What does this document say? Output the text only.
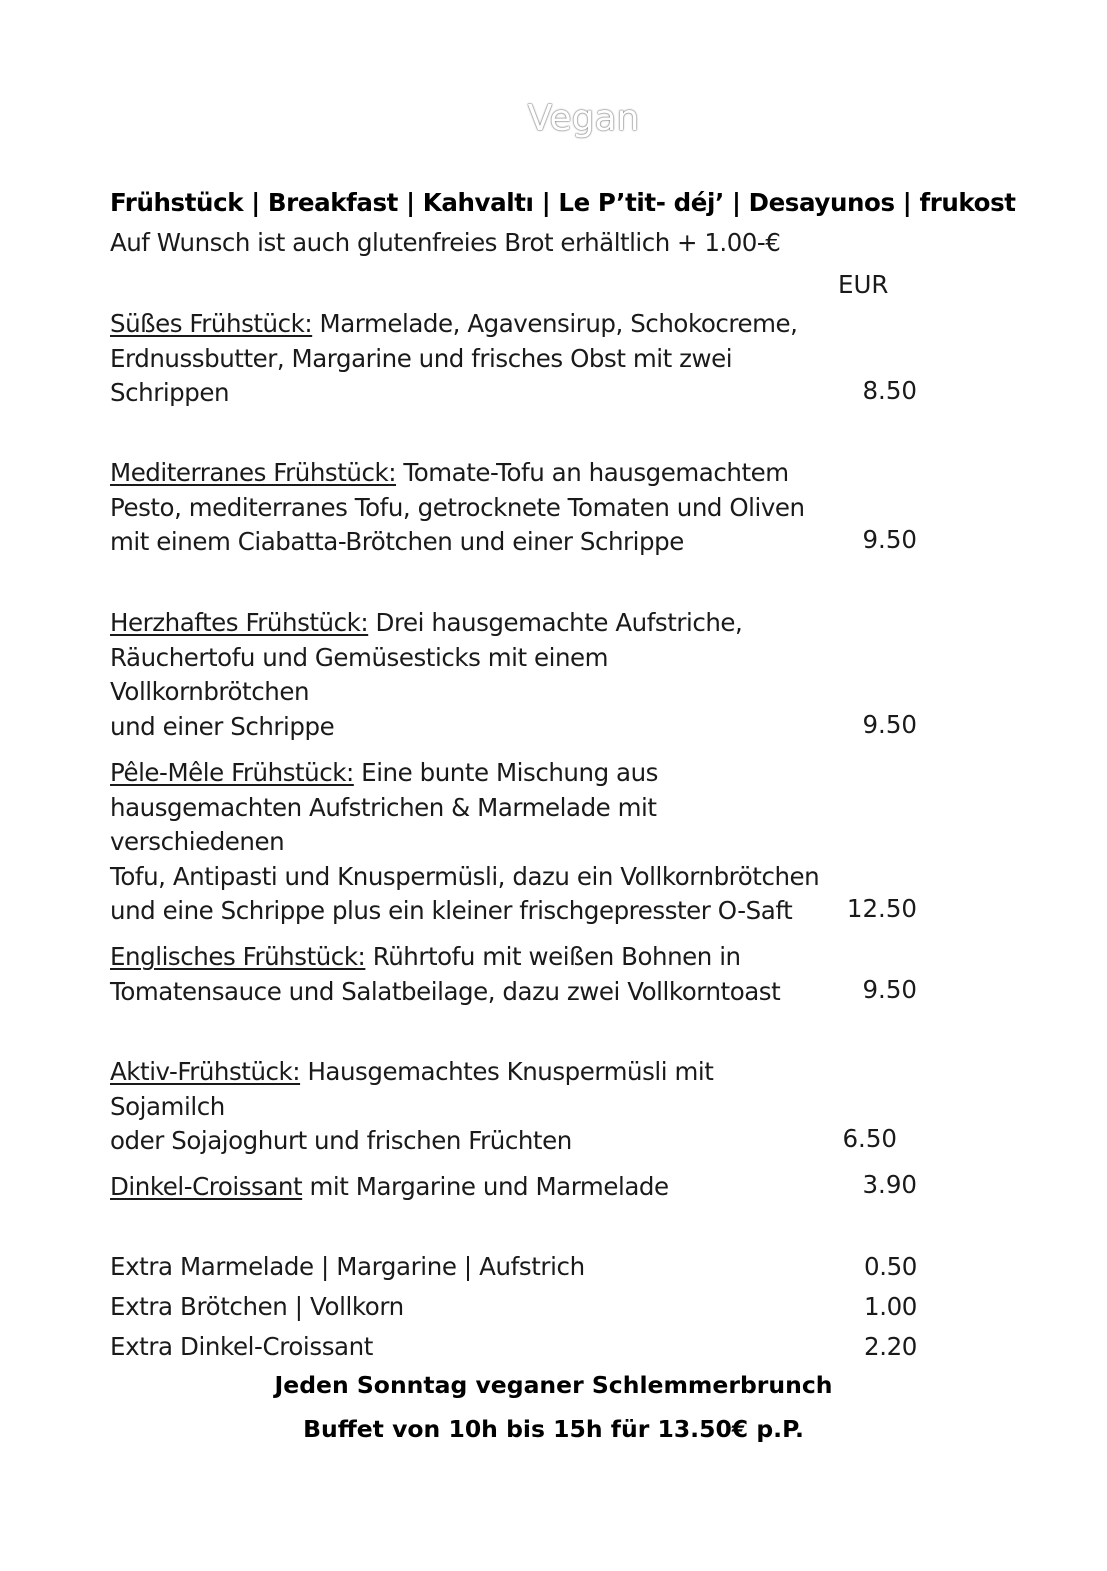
Vegan
Frühstück | Breakfast | Kahvaltı | Le P’tit- déj’ | Desayunos | frukost
Auf Wunsch ist auch glutenfreies Brot erhältlich + 1.00-€
EUR
Süßes Frühstück: Marmelade, Agavensirup, Schokocreme,
Erdnussbutter, Margarine und frisches Obst mit zwei
Schrippen	8.50
Mediterranes Frühstück: Tomate-Tofu an hausgemachtem
Pesto, mediterranes Tofu, getrocknete Tomaten und Oliven
mit einem Ciabatta-Brötchen und einer Schrippe	9.50
Herzhaftes Frühstück: Drei hausgemachte Aufstriche,
Räuchertofu und Gemüsesticks mit einem Vollkornbrötchen
und einer Schrippe	9.50
Pêle-Mêle Frühstück: Eine bunte Mischung aus
hausgemachten Aufstrichen & Marmelade mit verschiedenen
Tofu, Antipasti und Knuspermüsli, dazu ein Vollkornbrötchen
und eine Schrippe plus ein kleiner frischgepresster O-Saft	12.50
Englisches Frühstück: Rührtofu mit weißen Bohnen in
Tomatensauce und Salatbeilage, dazu zwei Vollkorntoast	9.50
Aktiv-Frühstück: Hausgemachtes Knuspermüsli mit Sojamilch
oder Sojajoghurt und frischen Früchten	6.50
Dinkel-Croissant mit Margarine und Marmelade	3.90
Extra Marmelade | Margarine | Aufstrich	0.50
Extra Brötchen | Vollkorn	1.00
Extra Dinkel-Croissant	2.20
Jeden Sonntag veganer Schlemmerbrunch
Buffet von 10h bis 15h für 13.50€ p.P.
